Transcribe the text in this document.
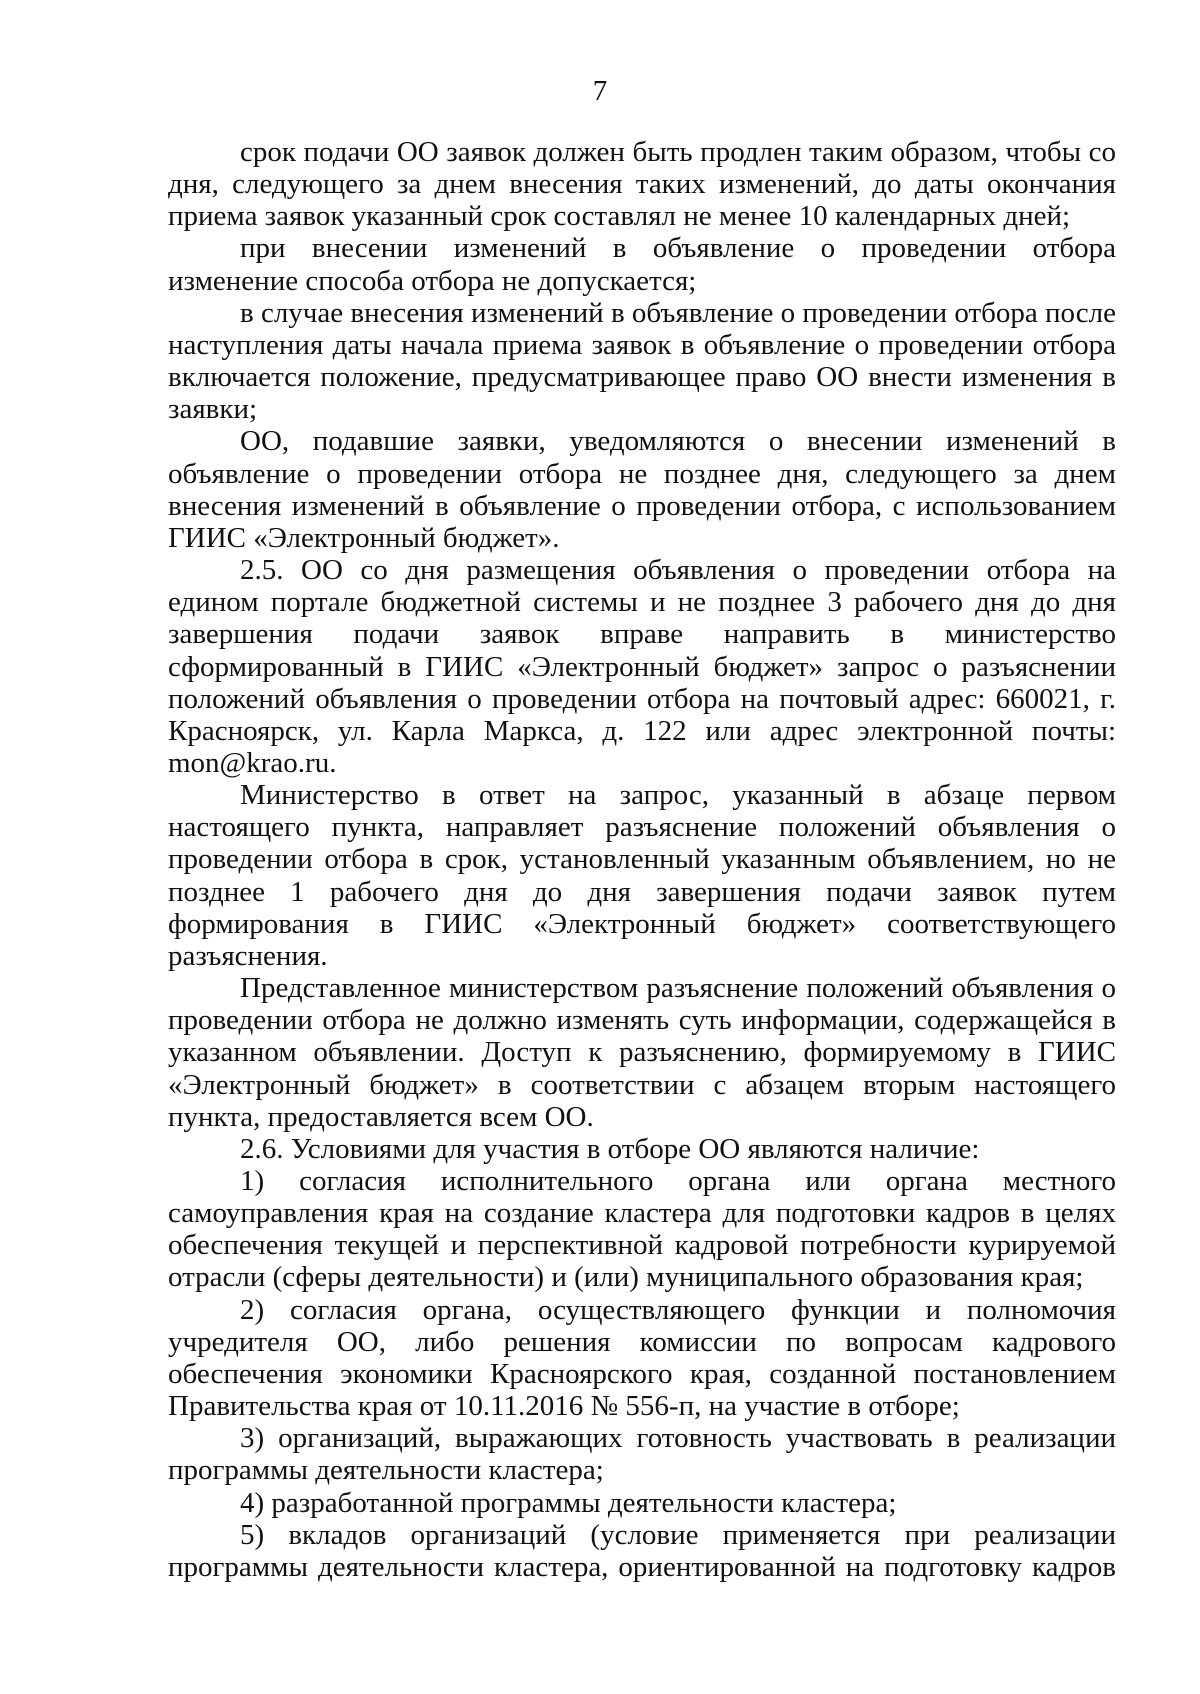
7

срок подачи ОО заявок должен быть продлен таким образом, чтобы со дня, следующего за днем внесения таких изменений, до даты окончания приема заявок указанный срок составлял не менее 10 календарных дней;

при внесении изменений в объявление о проведении отбора изменение способа отбора не допускается;

в случае внесения изменений в объявление о проведении отбора после наступления даты начала приема заявок в объявление о проведении отбора включается положение, предусматривающее право ОО внести изменения в заявки;

ОО, подавшие заявки, уведомляются о внесении изменений в объявление о проведении отбора не позднее дня, следующего за днем внесения изменений в объявление о проведении отбора, с использованием ГИИС «Электронный бюджет».

2.5. ОО со дня размещения объявления о проведении отбора на едином портале бюджетной системы и не позднее 3 рабочего дня до дня завершения подачи заявок вправе направить в министерство сформированный в ГИИС «Электронный бюджет» запрос о разъяснении положений объявления о проведении отбора на почтовый адрес: 660021, г. Красноярск, ул. Карла Маркса, д. 122 или адрес электронной почты: mon@krao.ru.

Министерство в ответ на запрос, указанный в абзаце первом настоящего пункта, направляет разъяснение положений объявления о проведении отбора в срок, установленный указанным объявлением, но не позднее 1 рабочего дня до дня завершения подачи заявок путем формирования в ГИИС «Электронный бюджет» соответствующего разъяснения.

Представленное министерством разъяснение положений объявления о проведении отбора не должно изменять суть информации, содержащейся в указанном объявлении. Доступ к разъяснению, формируемому в ГИИС «Электронный бюджет» в соответствии с абзацем вторым настоящего пункта, предоставляется всем ОО.

2.6. Условиями для участия в отборе ОО являются наличие:

1) согласия исполнительного органа или органа местного самоуправления края на создание кластера для подготовки кадров в целях обеспечения текущей и перспективной кадровой потребности курируемой отрасли (сферы деятельности) и (или) муниципального образования края;

2) согласия органа, осуществляющего функции и полномочия учредителя ОО, либо решения комиссии по вопросам кадрового обеспечения экономики Красноярского края, созданной постановлением Правительства края от 10.11.2016 № 556-п, на участие в отборе;

3) организаций, выражающих готовность участвовать в реализации программы деятельности кластера;

4) разработанной программы деятельности кластера;

5) вкладов организаций (условие применяется при реализации программы деятельности кластера, ориентированной на подготовку кадров
